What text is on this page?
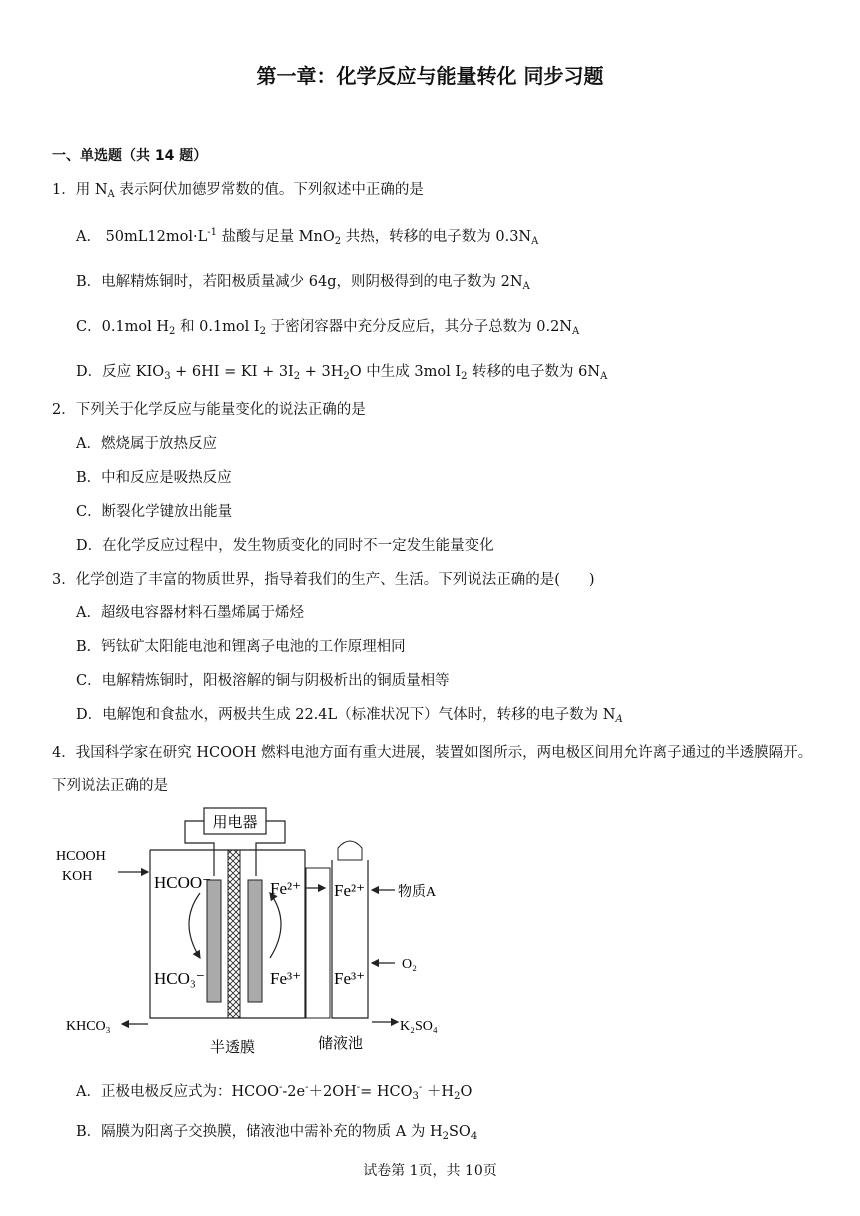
第一章：化学反应与能量转化 同步习题
一、单选题（共 14 题）
1．用 $N_A$ 表示阿伏加德罗常数的值。下列叙述中正确的是
A． $50mL12mol\cdot L^{-1}$ 盐酸与足量 MnO$_2$ 共热，转移的电子数为 $0.3N_A$
B．电解精炼铜时，若阳极质量减少 64g，则阴极得到的电子数为 $2N_A$
C．0.1mol $H_2$ 和 0.1mol $I_2$ 于密闭容器中充分反应后，其分子总数为 $0.2N_A$
D．反应 $KIO_3 + 6HI$ = KI + $3I_2 + 3H_2O$ 中生成 3mol $I_2$ 转移的电子数为 $6N_A$
2．下列关于化学反应与能量变化的说法正确的是
A．燃烧属于放热反应
B．中和反应是吸热反应
C．断裂化学键放出能量
D．在化学反应过程中，发生物质变化的同时不一定发生能量变化
3．化学创造了丰富的物质世界，指导着我们的生产、生活。下列说法正确的是(　　)
A．超级电容器材料石墨烯属于烯烃
B．钙钛矿太阳能电池和锂离子电池的工作原理相同
C．电解精炼铜时，阳极溶解的铜与阴极析出的铜质量相等
D．电解饱和食盐水，两极共生成 22.4L（标准状况下）气体时，转移的电子数为 $N_A$
4．我国科学家在研究 HCOOH 燃料电池方面有重大进展，装置如图所示，两电极区间用允许离子通过的半透膜隔开。下列说法正确的是
用电器
HCOOH
KOH	HCOO⁻
HCO₃⁻
Fe²⁺
Fe³⁺
KHCO₃
Fe²⁺
Fe³⁺
物质A
O₂
K₂SO₄
半透膜	储液池
A．正极电极反应式为：HCOO--2e-＋2OH-= $HCO_3^- +H_2O$
B．隔膜为阳离子交换膜，储液池中需补充的物质 A 为 $H_2SO_4$
试卷第 1页，共 10页
